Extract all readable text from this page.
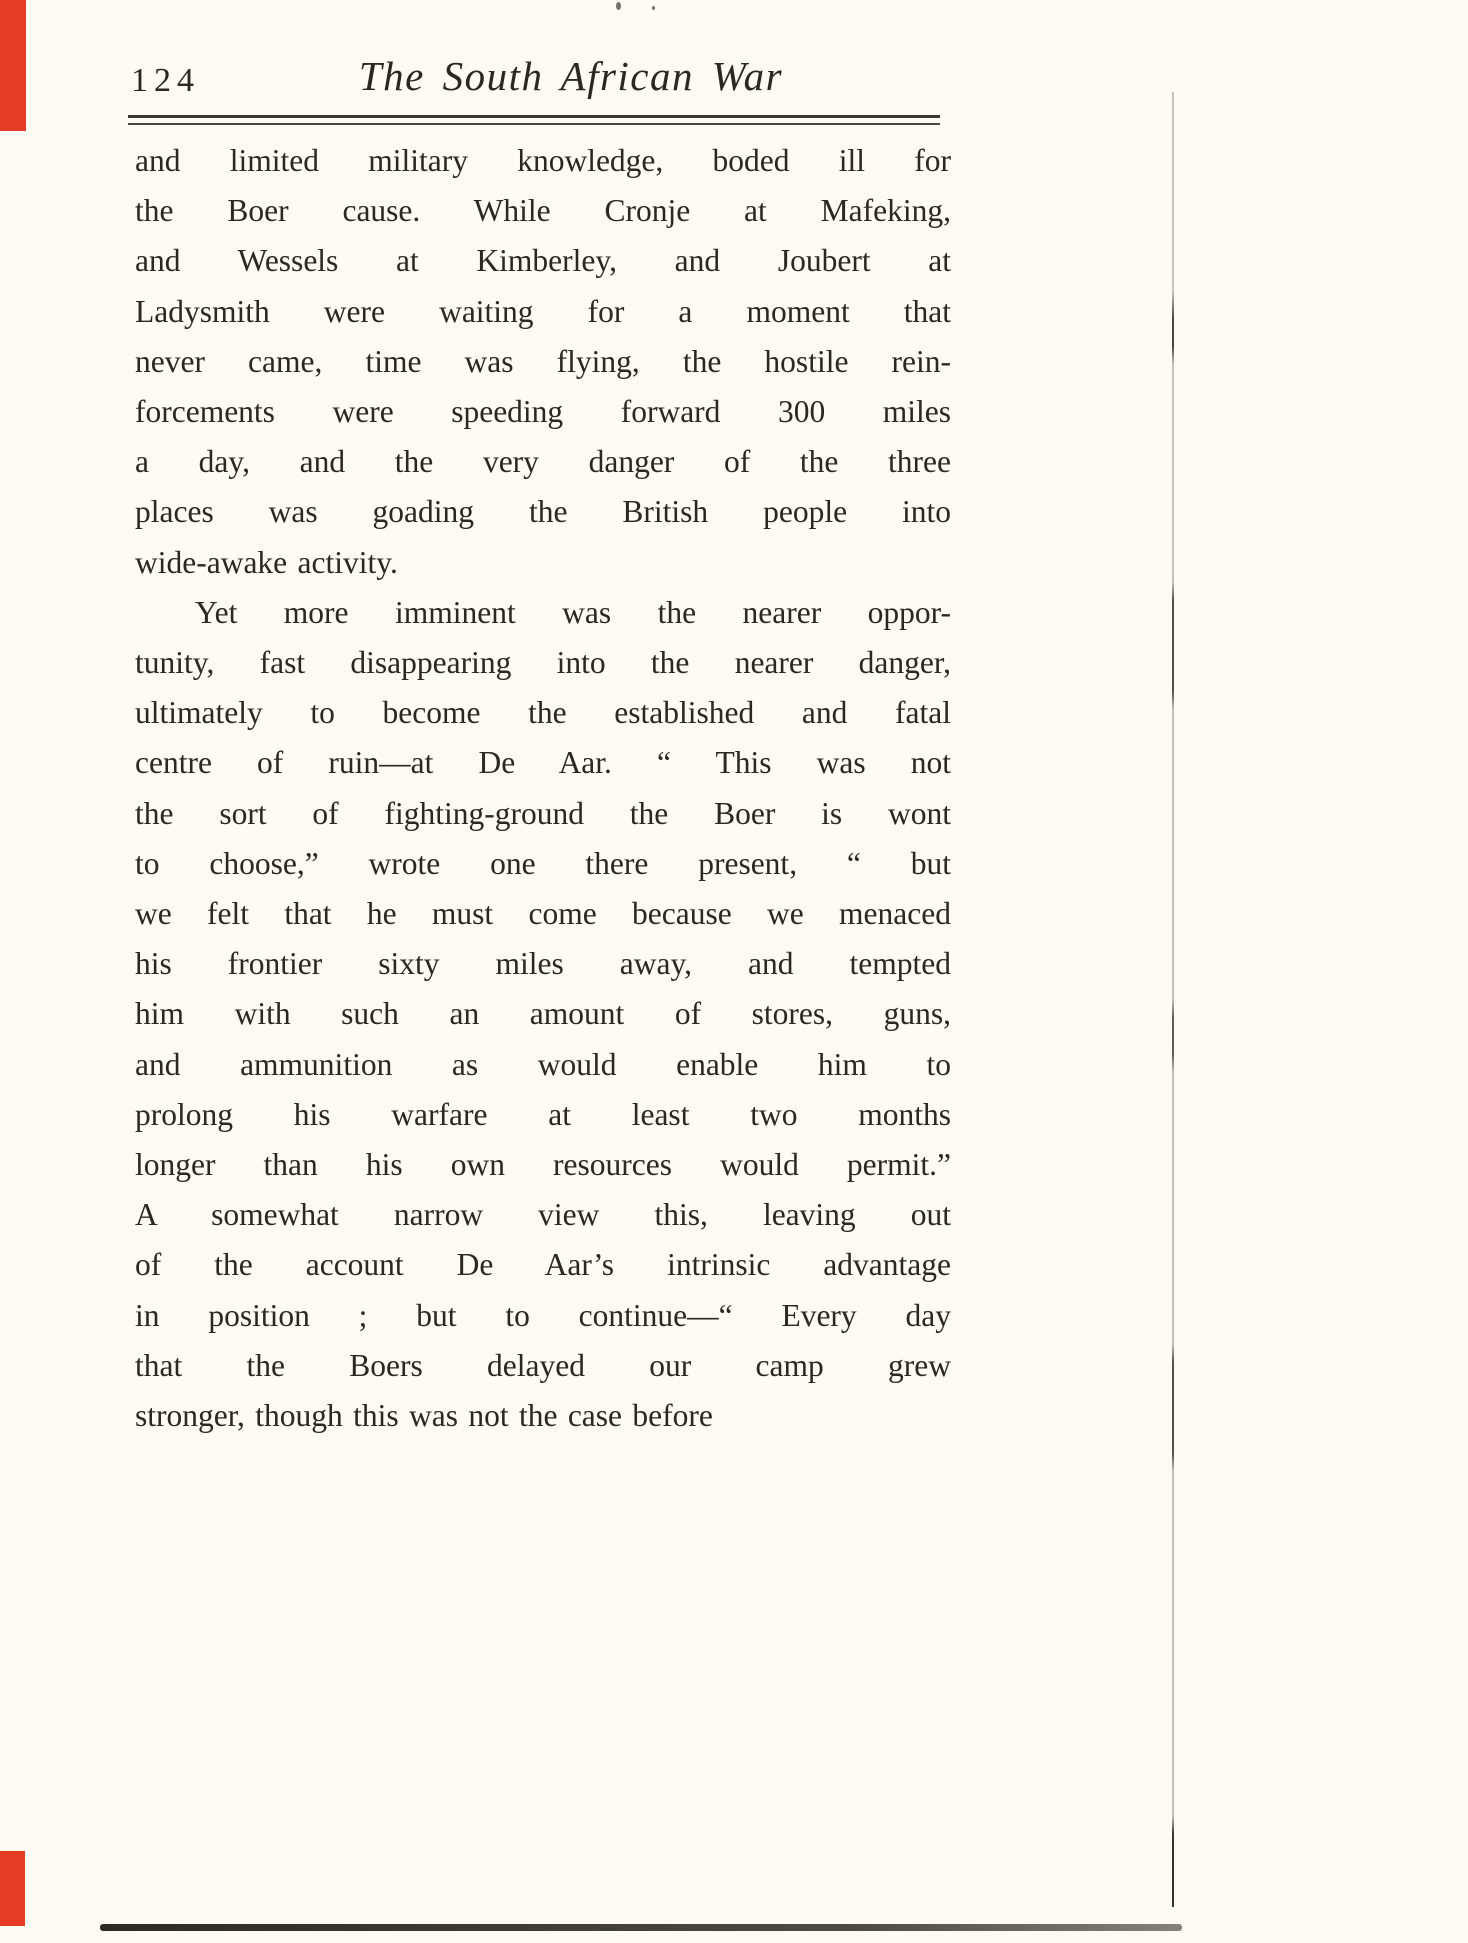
124	The South African War
and limited military knowledge, boded ill for
the Boer cause. While Cronje at Mafeking,
and Wessels at Kimberley, and Joubert at
Ladysmith were waiting for a moment that
never came, time was flying, the hostile rein-
forcements were speeding forward 300 miles
a day, and the very danger of the three
places was goading the British people into
wide-awake activity.
Yet more imminent was the nearer oppor-
tunity, fast disappearing into the nearer danger,
ultimately to become the established and fatal
centre of ruin—at De Aar. “ This was not
the sort of fighting-ground the Boer is wont
to choose,” wrote one there present, “ but
we felt that he must come because we menaced
his frontier sixty miles away, and tempted
him with such an amount of stores, guns,
and ammunition as would enable him to
prolong his warfare at least two months
longer than his own resources would permit.”
A somewhat narrow view this, leaving out
of the account De Aar’s intrinsic advantage
in position ; but to continue—“ Every day
that the Boers delayed our camp grew
stronger, though this was not the case before
